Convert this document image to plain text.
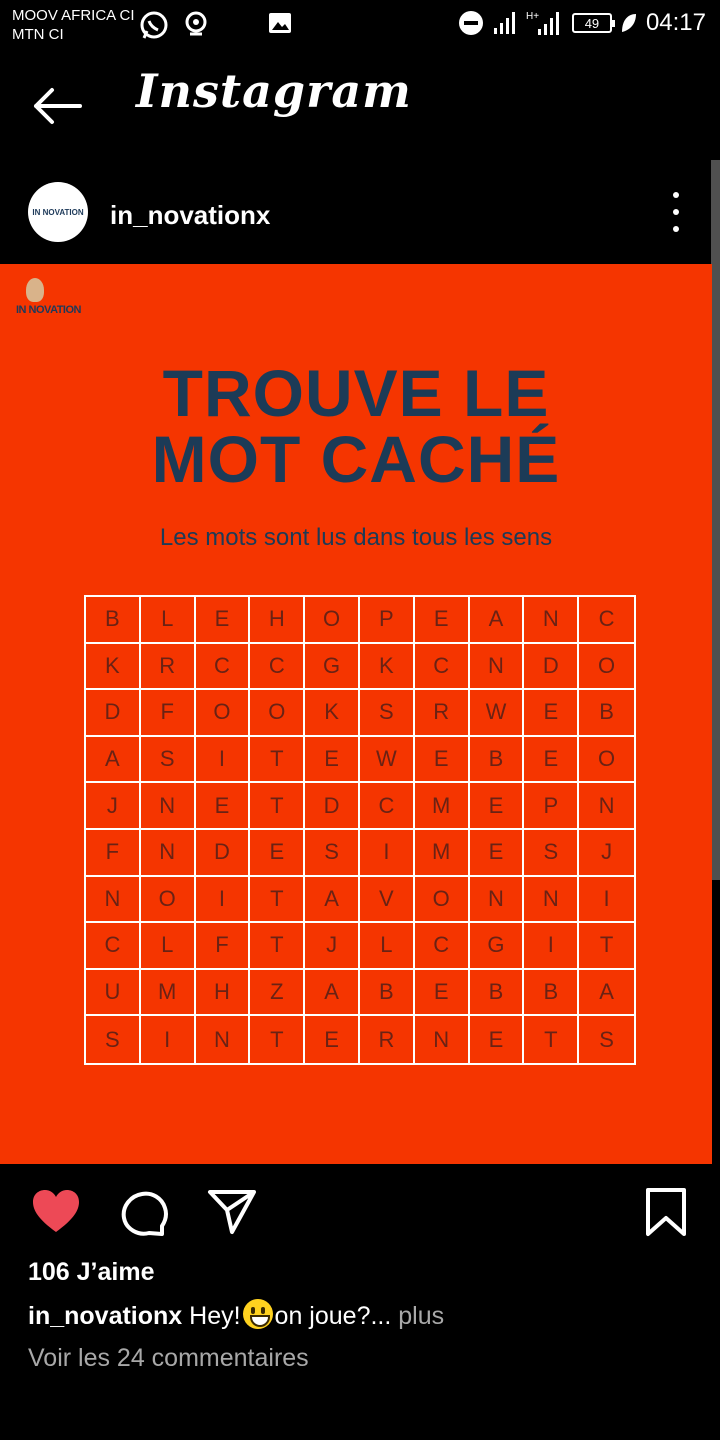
MOOV AFRICA CI
MTN CI
H+	49 04:17
Instagram
IN NOVATION in_novationx
IN NOVATION
TROUVE LE
MOT CACHÉ
Les mots sont lus dans tous les sens
B	L	E	H	O	P	E	A	N	C
K	R	C	C	G	K	C	N	D	O
D	F	O	O	K	S	R	W	E	B
A	S	I	T	E	W	E	B	E	O
J	N	E	T	D	C	M	E	P	N
F	N	D	E	S	I	M	E	S	J
N	O	I	T	A	V	O	N	N	I
C	L	F	T	J	L	C	G	I	T
U	M	H	Z	A	B	E	B	B	A
S	I	N	T	E	R	N	E	T	S
106 J’aime
in_novationx Hey! on joue?... plus
Voir les 24 commentaires
